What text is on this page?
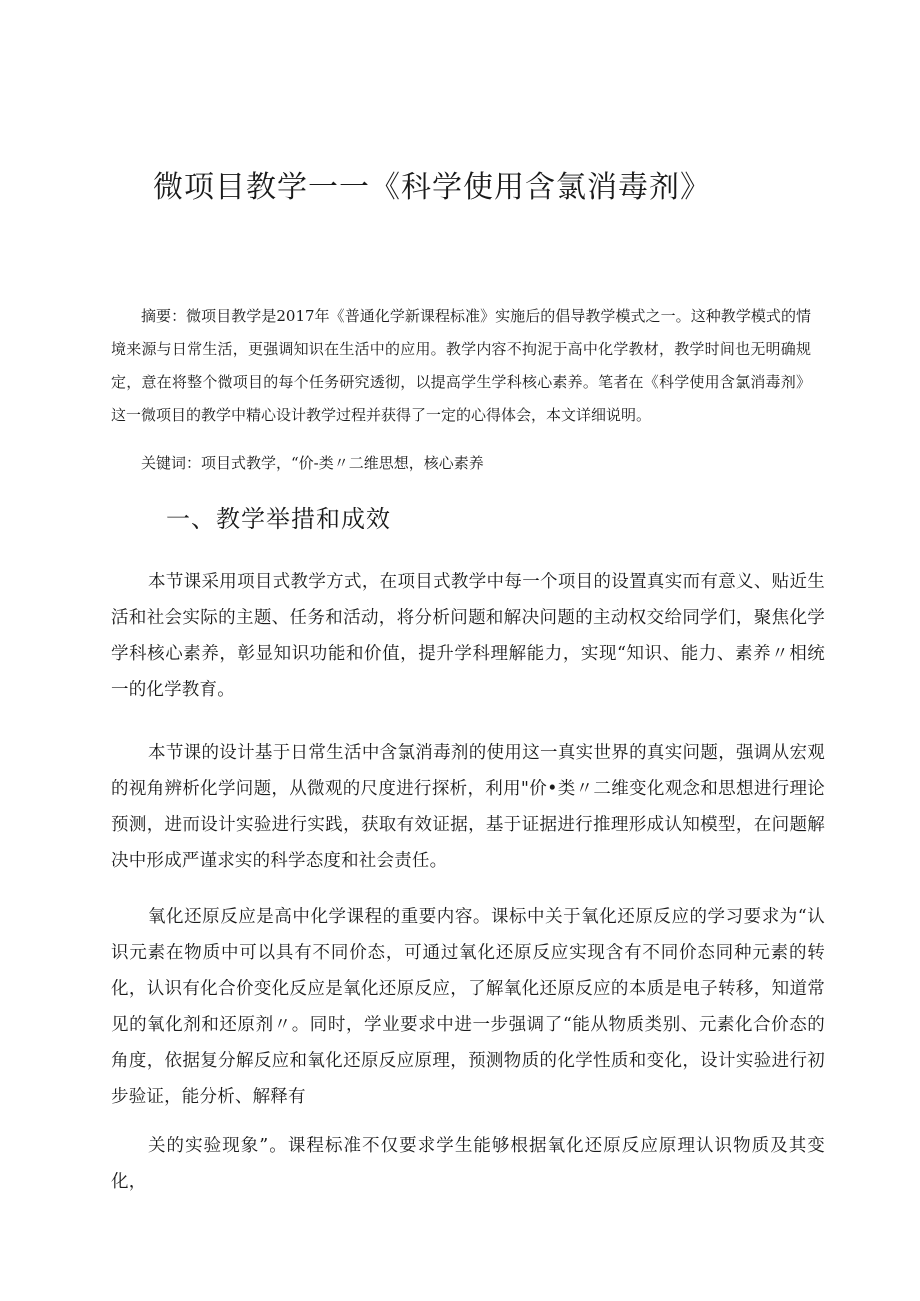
微项目教学一一《科学使用含氯消毒剂》

摘要：微项目教学是2017年《普通化学新课程标准》实施后的倡导教学模式之一。这种教学模式的情境来源与日常生活，更强调知识在生活中的应用。教学内容不拘泥于高中化学教材，教学时间也无明确规定，意在将整个微项目的每个任务研究透彻，以提高学生学科核心素养。笔者在《科学使用含氯消毒剂》这一微项目的教学中精心设计教学过程并获得了一定的心得体会，本文详细说明。

关键词：项目式教学，“价-类〃二维思想，核心素养

一、教学举措和成效

本节课采用项目式教学方式，在项目式教学中每一个项目的设置真实而有意义、贴近生活和社会实际的主题、任务和活动，将分析问题和解决问题的主动权交给同学们，聚焦化学学科核心素养，彰显知识功能和价值，提升学科理解能力，实现“知识、能力、素养〃相统一的化学教育。

本节课的设计基于日常生活中含氯消毒剂的使用这一真实世界的真实问题，强调从宏观的视角辨析化学问题，从微观的尺度进行探析，利用"价•类〃二维变化观念和思想进行理论预测，进而设计实验进行实践，获取有效证据，基于证据进行推理形成认知模型，在问题解决中形成严谨求实的科学态度和社会责任。

氧化还原反应是高中化学课程的重要内容。课标中关于氧化还原反应的学习要求为“认识元素在物质中可以具有不同价态，可通过氧化还原反应实现含有不同价态同种元素的转化，认识有化合价变化反应是氧化还原反应，了解氧化还原反应的本质是电子转移，知道常见的氧化剂和还原剂〃。同时，学业要求中进一步强调了“能从物质类别、元素化合价态的角度，依据复分解反应和氧化还原反应原理，预测物质的化学性质和变化，设计实验进行初步验证，能分析、解释有

关的实验现象”。课程标准不仅要求学生能够根据氧化还原反应原理认识物质及其变化，
